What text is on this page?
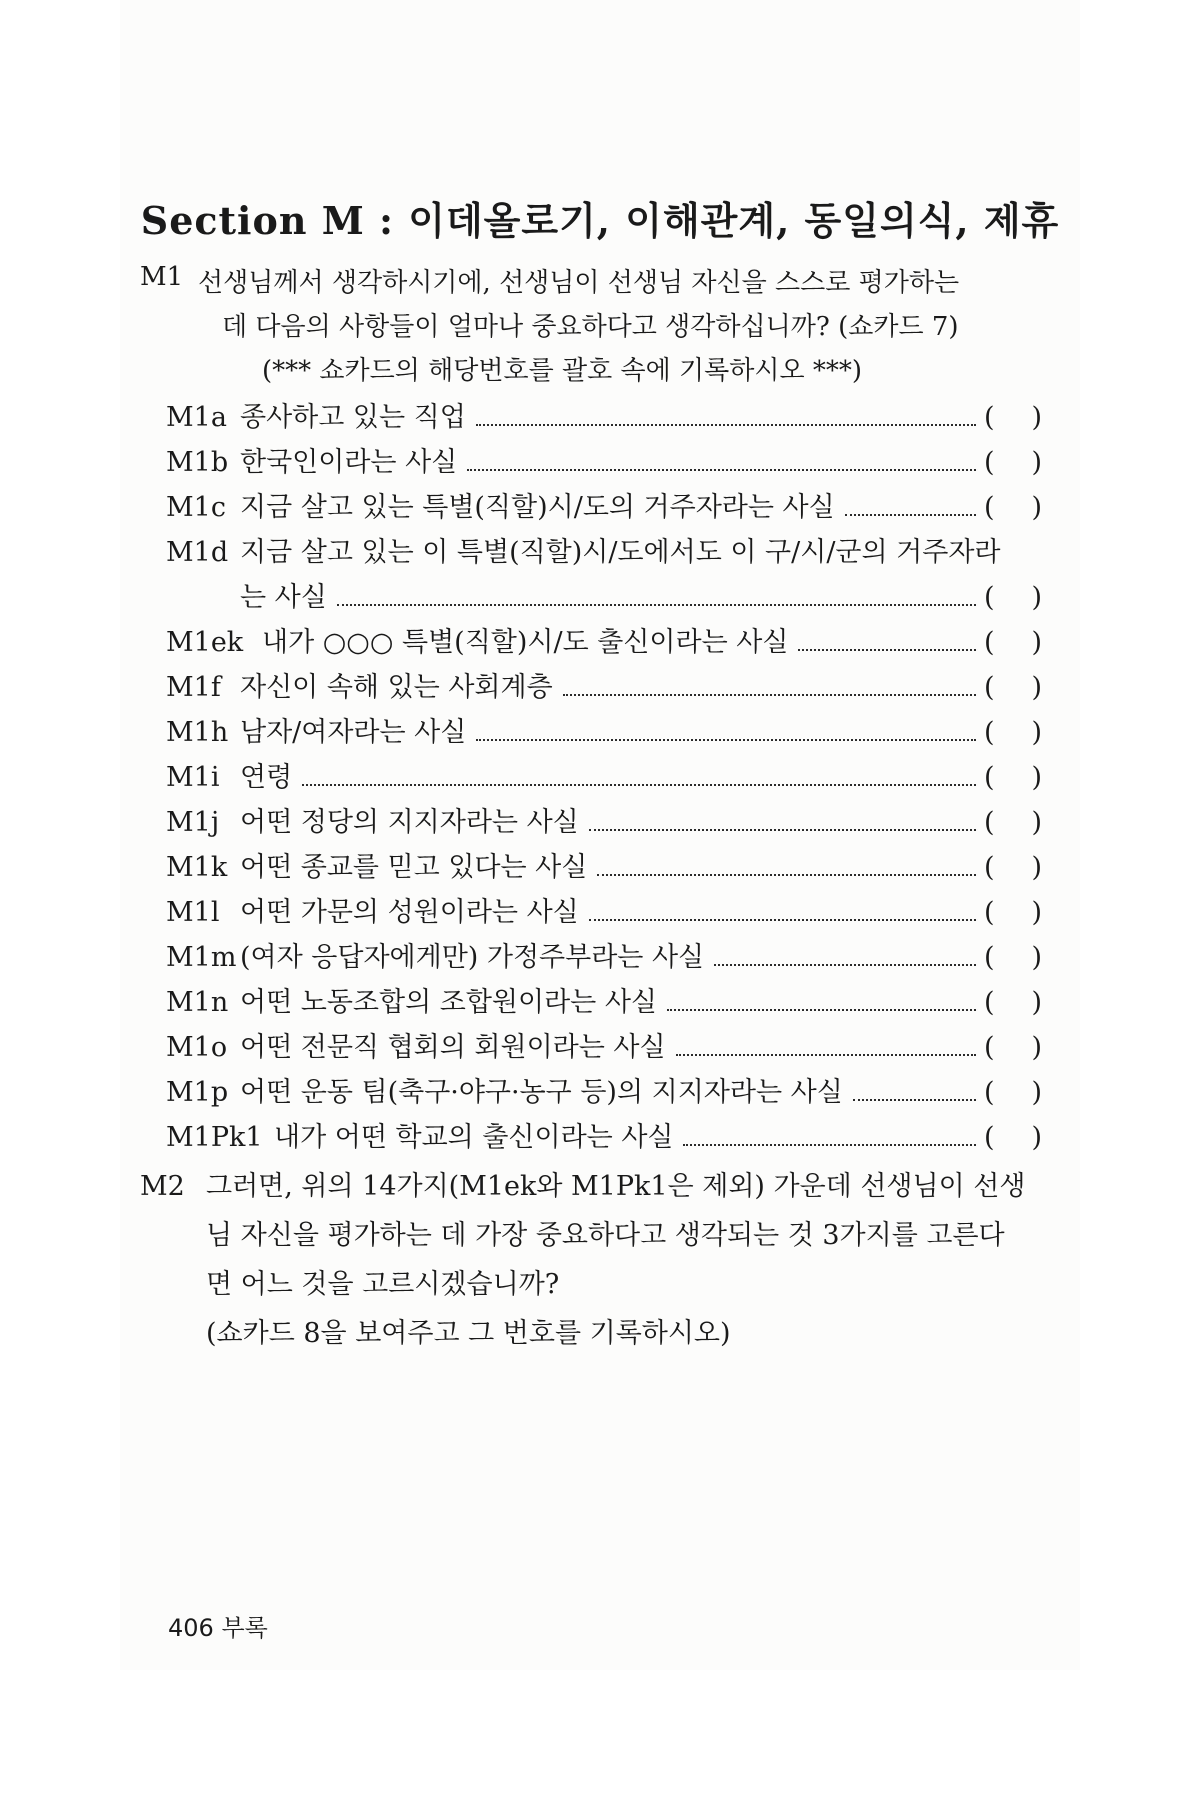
Section M : 이데올로기, 이해관계, 동일의식, 제휴
M1 선생님께서 생각하시기에, 선생님이 선생님 자신을 스스로 평가하는
데 다음의 사항들이 얼마나 중요하다고 생각하십니까? (쇼카드 7)
(*** 쇼카드의 해당번호를 괄호 속에 기록하시오 ***)
M1a 종사하고 있는 직업	( )
M1b 한국인이라는 사실	( )
M1c 지금 살고 있는 특별(직할)시/도의 거주자라는 사실	( )
M1d 지금 살고 있는 이 특별(직할)시/도에서도 이 구/시/군의 거주자라
는 사실	( )
M1ek 내가 ○○○ 특별(직할)시/도 출신이라는 사실	( )
M1f 자신이 속해 있는 사회계층	( )
M1h 남자/여자라는 사실	( )
M1i 연령	( )
M1j 어떤 정당의 지지자라는 사실	( )
M1k 어떤 종교를 믿고 있다는 사실	( )
M1l 어떤 가문의 성원이라는 사실	( )
M1m (여자 응답자에게만) 가정주부라는 사실	( )
M1n 어떤 노동조합의 조합원이라는 사실	( )
M1o 어떤 전문직 협회의 회원이라는 사실	( )
M1p 어떤 운동 팀(축구·야구·농구 등)의 지지자라는 사실	( )
M1Pk1 내가 어떤 학교의 출신이라는 사실	( )
M2 그러면, 위의 14가지(M1ek와 M1Pk1은 제외) 가운데 선생님이 선생
님 자신을 평가하는 데 가장 중요하다고 생각되는 것 3가지를 고른다
면 어느 것을 고르시겠습니까?
(쇼카드 8을 보여주고 그 번호를 기록하시오)
406 부록
